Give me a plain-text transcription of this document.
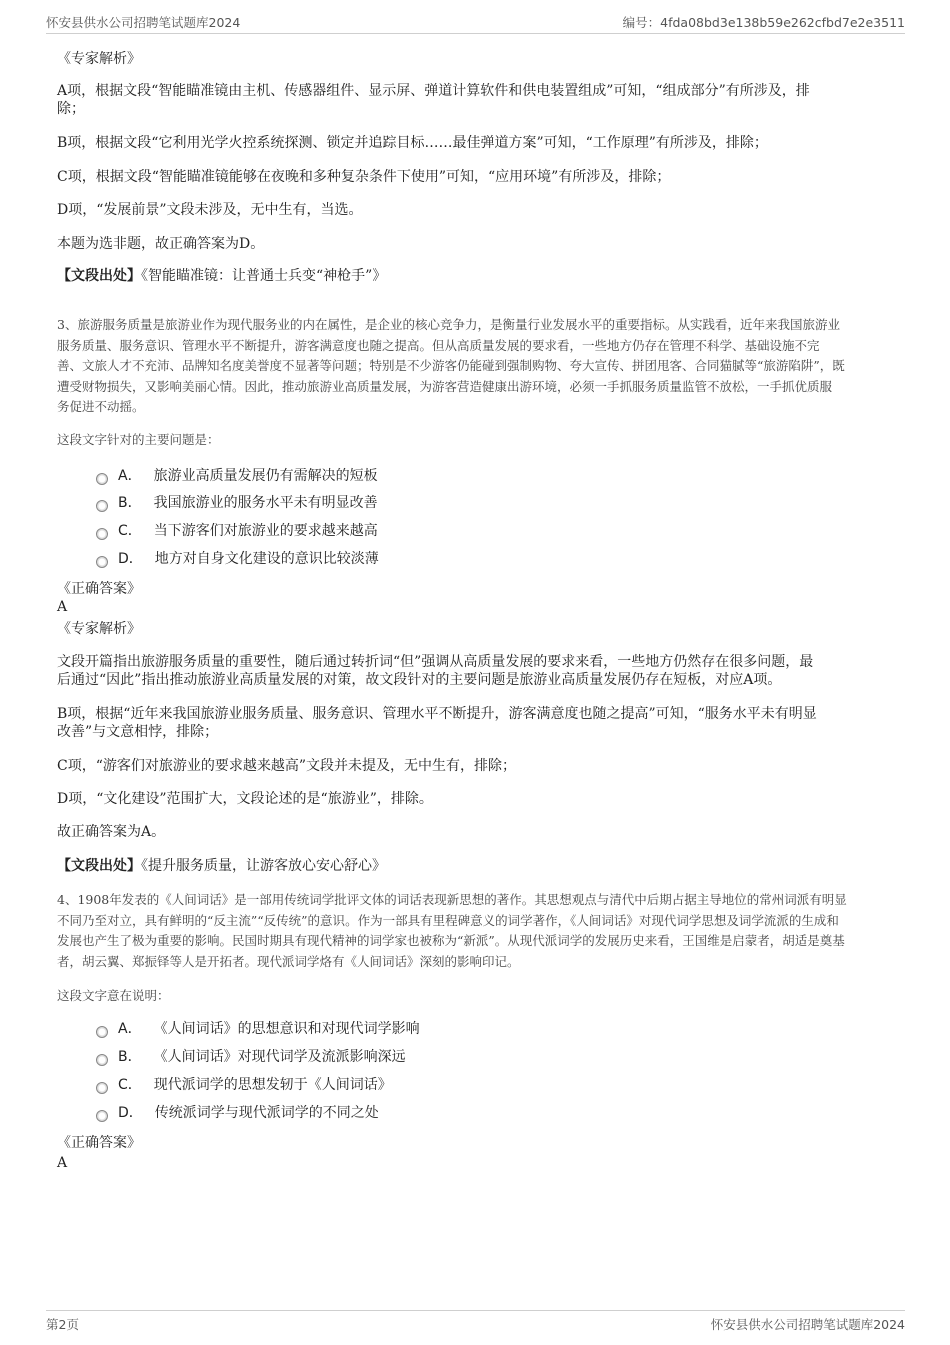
怀安县供水公司招聘笔试题库2024	编号：4fda08bd3e138b59e262cfbd7e2e3511
《专家解析》
A项，根据文段“智能瞄准镜由主机、传感器组件、显示屏、弹道计算软件和供电装置组成”可知，“组成部分”有所涉及，排
除；
B项，根据文段“它利用光学火控系统探测、锁定并追踪目标……最佳弹道方案”可知，“工作原理”有所涉及，排除；
C项，根据文段“智能瞄准镜能够在夜晚和多种复杂条件下使用”可知，“应用环境”有所涉及，排除；
D项，“发展前景”文段未涉及，无中生有，当选。
本题为选非题，故正确答案为D。
【文段出处】《智能瞄准镜：让普通士兵变“神枪手”》
3、旅游服务质量是旅游业作为现代服务业的内在属性，是企业的核心竞争力，是衡量行业发展水平的重要指标。从实践看，近年来我国旅游业
服务质量、服务意识、管理水平不断提升，游客满意度也随之提高。但从高质量发展的要求看，一些地方仍存在管理不科学、基础设施不完
善、文旅人才不充沛、品牌知名度美誉度不显著等问题；特别是不少游客仍能碰到强制购物、夸大宣传、拼团甩客、合同猫腻等“旅游陷阱”，既
遭受财物损失，又影响美丽心情。因此，推动旅游业高质量发展，为游客营造健康出游环境，必须一手抓服务质量监管不放松，一手抓优质服
务促进不动摇。
这段文字针对的主要问题是：
A． 旅游业高质量发展仍有需解决的短板
B． 我国旅游业的服务水平未有明显改善
C． 当下游客们对旅游业的要求越来越高
D． 地方对自身文化建设的意识比较淡薄
《正确答案》
A
《专家解析》
文段开篇指出旅游服务质量的重要性，随后通过转折词“但”强调从高质量发展的要求来看，一些地方仍然存在很多问题，最
后通过“因此”指出推动旅游业高质量发展的对策，故文段针对的主要问题是旅游业高质量发展仍存在短板，对应A项。
B项，根据“近年来我国旅游业服务质量、服务意识、管理水平不断提升，游客满意度也随之提高”可知，“服务水平未有明显
改善”与文意相悖，排除；
C项，“游客们对旅游业的要求越来越高”文段并未提及，无中生有，排除；
D项，“文化建设”范围扩大，文段论述的是“旅游业”，排除。
故正确答案为A。
【文段出处】《提升服务质量，让游客放心安心舒心》
4、1908年发表的《人间词话》是一部用传统词学批评文体的词话表现新思想的著作。其思想观点与清代中后期占据主导地位的常州词派有明显
不同乃至对立，具有鲜明的“反主流”“反传统”的意识。作为一部具有里程碑意义的词学著作，《人间词话》对现代词学思想及词学流派的生成和
发展也产生了极为重要的影响。民国时期具有现代精神的词学家也被称为“新派”。从现代派词学的发展历史来看，王国维是启蒙者，胡适是奠基
者，胡云翼、郑振铎等人是开拓者。现代派词学烙有《人间词话》深刻的影响印记。
这段文字意在说明：
A． 《人间词话》的思想意识和对现代词学影响
B． 《人间词话》对现代词学及流派影响深远
C． 现代派词学的思想发轫于《人间词话》
D． 传统派词学与现代派词学的不同之处
《正确答案》
A
第2页	怀安县供水公司招聘笔试题库2024
